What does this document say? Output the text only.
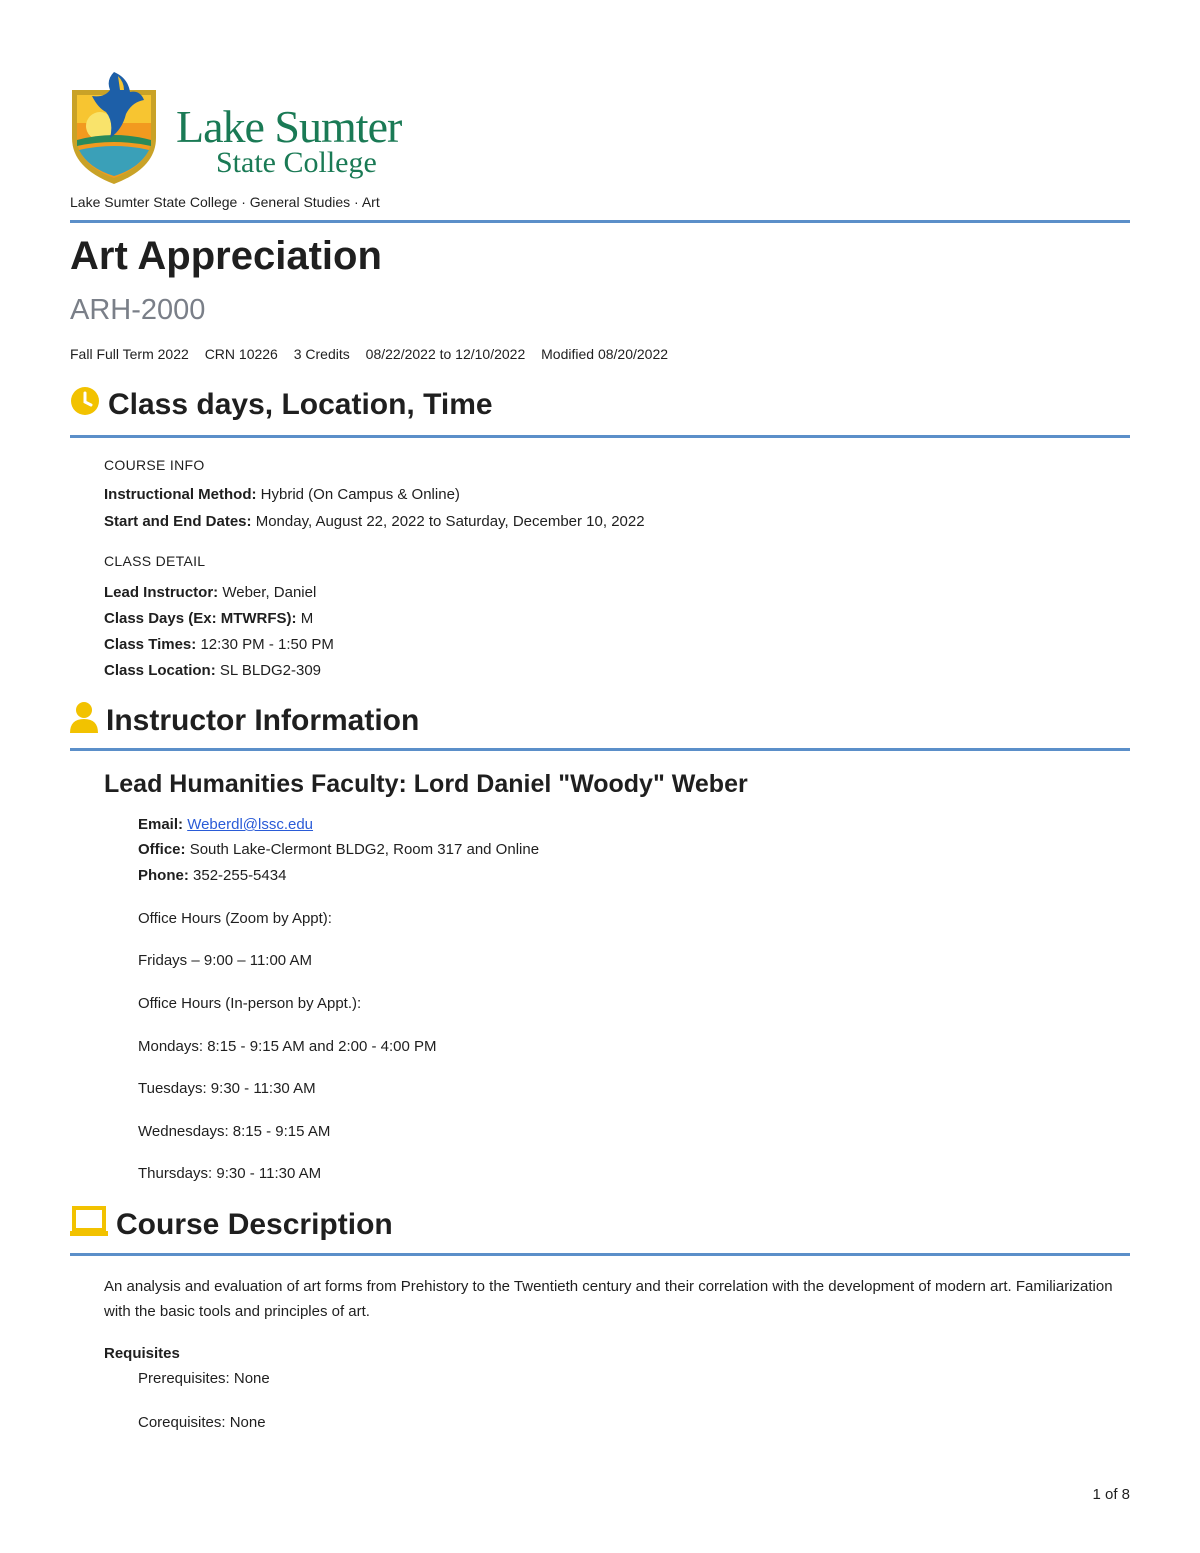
Lake Sumter
State College
Lake Sumter State College · General Studies · Art
Art Appreciation
ARH-2000
Fall Full Term 2022 CRN 10226 3 Credits 08/22/2022 to 12/10/2022 Modified 08/20/2022
Class days, Location, Time
COURSE INFO
Instructional Method: Hybrid (On Campus & Online)
Start and End Dates: Monday, August 22, 2022 to Saturday, December 10, 2022
CLASS DETAIL
Lead Instructor: Weber, Daniel
Class Days (Ex: MTWRFS): M
Class Times: 12:30 PM - 1:50 PM
Class Location: SL BLDG2-309
Instructor Information
Lead Humanities Faculty: Lord Daniel "Woody" Weber
Email: Weberdl@lssc.edu
Office: South Lake-Clermont BLDG2, Room 317 and Online
Phone: 352-255-5434
Office Hours (Zoom by Appt):
Fridays – 9:00 – 11:00 AM
Office Hours (In-person by Appt.):
Mondays: 8:15 - 9:15 AM and 2:00 - 4:00 PM
Tuesdays: 9:30 - 11:30 AM
Wednesdays: 8:15 - 9:15 AM
Thursdays: 9:30 - 11:30 AM
Course Description
An analysis and evaluation of art forms from Prehistory to the Twentieth century and their correlation with the development of modern art. Familiarization with the basic tools and principles of art.
Requisites
Prerequisites: None
Corequisites: None
1 of 8
